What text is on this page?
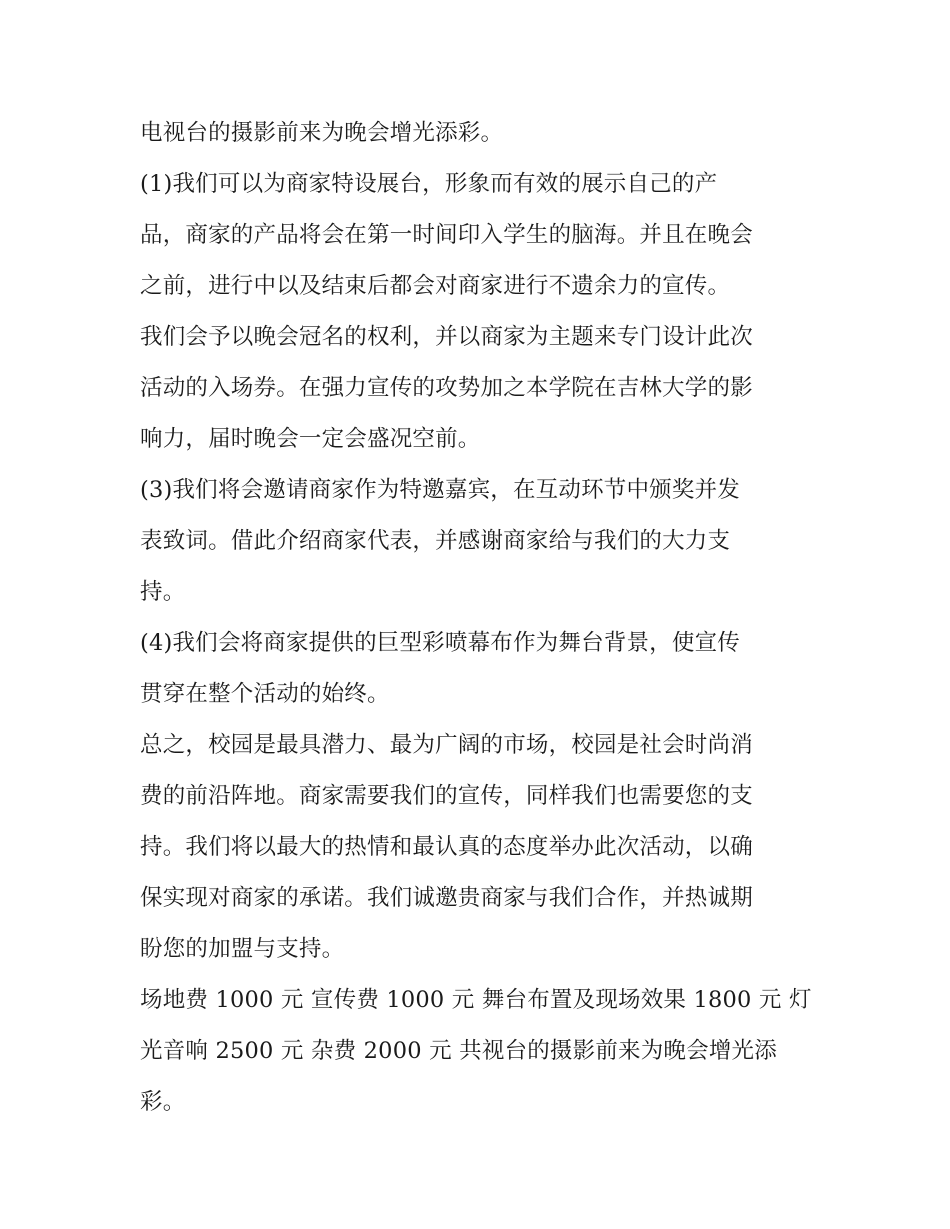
电视台的摄影前来为晚会增光添彩。
(1)我们可以为商家特设展台，形象而有效的展示自己的产
品，商家的产品将会在第一时间印入学生的脑海。并且在晚会
之前，进行中以及结束后都会对商家进行不遗余力的宣传。
我们会予以晚会冠名的权利，并以商家为主题来专门设计此次
活动的入场券。在强力宣传的攻势加之本学院在吉林大学的影
响力，届时晚会一定会盛况空前。
(3)我们将会邀请商家作为特邀嘉宾，在互动环节中颁奖并发
表致词。借此介绍商家代表，并感谢商家给与我们的大力支
持。
(4)我们会将商家提供的巨型彩喷幕布作为舞台背景，使宣传
贯穿在整个活动的始终。
总之，校园是最具潜力、最为广阔的市场，校园是社会时尚消
费的前沿阵地。商家需要我们的宣传，同样我们也需要您的支
持。我们将以最大的热情和最认真的态度举办此次活动，以确
保实现对商家的承诺。我们诚邀贵商家与我们合作，并热诚期
盼您的加盟与支持。
场地费 1000 元 宣传费 1000 元 舞台布置及现场效果 1800 元 灯
光音响 2500 元 杂费 2000 元 共视台的摄影前来为晚会增光添
彩。
